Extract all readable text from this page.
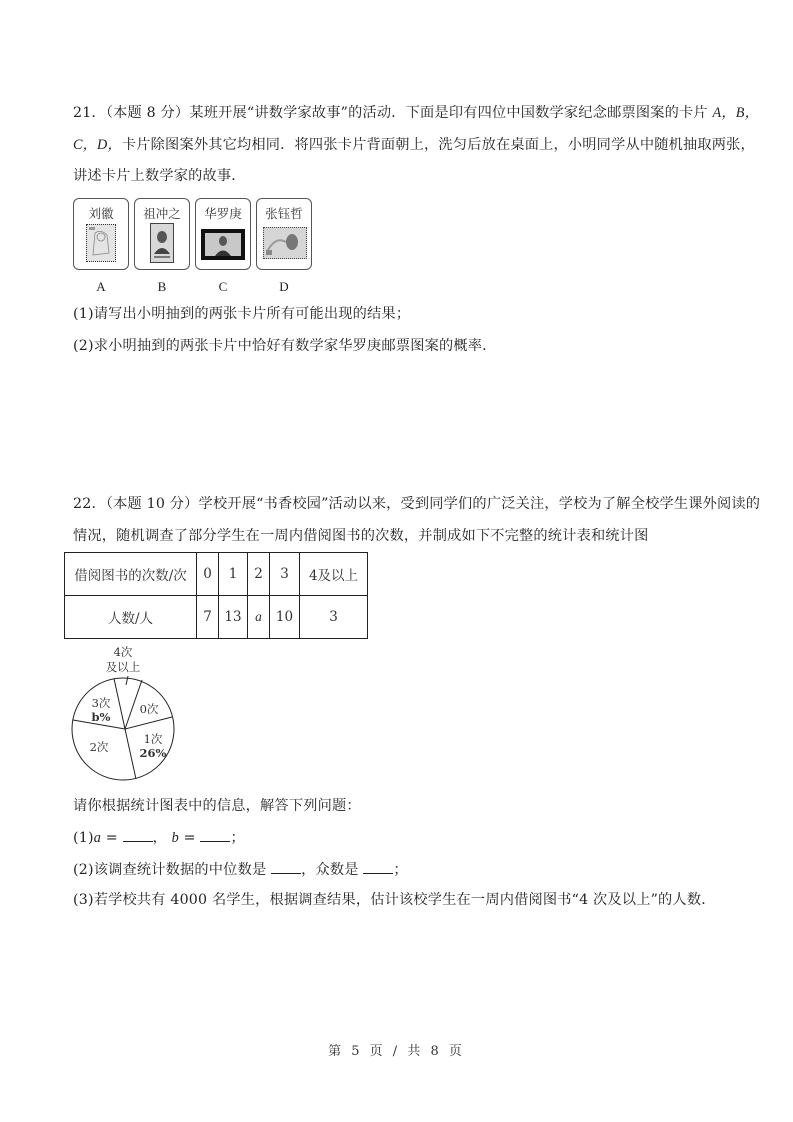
21．（本题 8 分）某班开展“讲数学家故事”的活动．下面是印有四位中国数学家纪念邮票图案的卡片 A，B，
C，D，卡片除图案外其它均相同．将四张卡片背面朝上，洗匀后放在桌面上，小明同学从中随机抽取两张，
讲述卡片上数学家的故事．
刘徽
A
祖冲之
B
华罗庚
C
张钰哲
D
(1)请写出小明抽到的两张卡片所有可能出现的结果；
(2)求小明抽到的两张卡片中恰好有数学家华罗庚邮票图案的概率．
22．（本题 10 分）学校开展“书香校园”活动以来，受到同学们的广泛关注，学校为了解全校学生课外阅读的
情况，随机调查了部分学生在一周内借阅图书的次数，并制成如下不完整的统计表和统计图
借阅图书的次数/次	0	1	2	3	4及以上
人数/人	7	13	a	10	3
4次
及以上
0次
1次
26%
2次
3次
b%
请你根据统计图表中的信息，解答下列问题：
(1)a = ， b = ；
(2)该调查统计数据的中位数是 ，众数是 ；
(3)若学校共有 4000 名学生，根据调查结果，估计该校学生在一周内借阅图书“4 次及以上”的人数．
第 5 页 / 共 8 页
